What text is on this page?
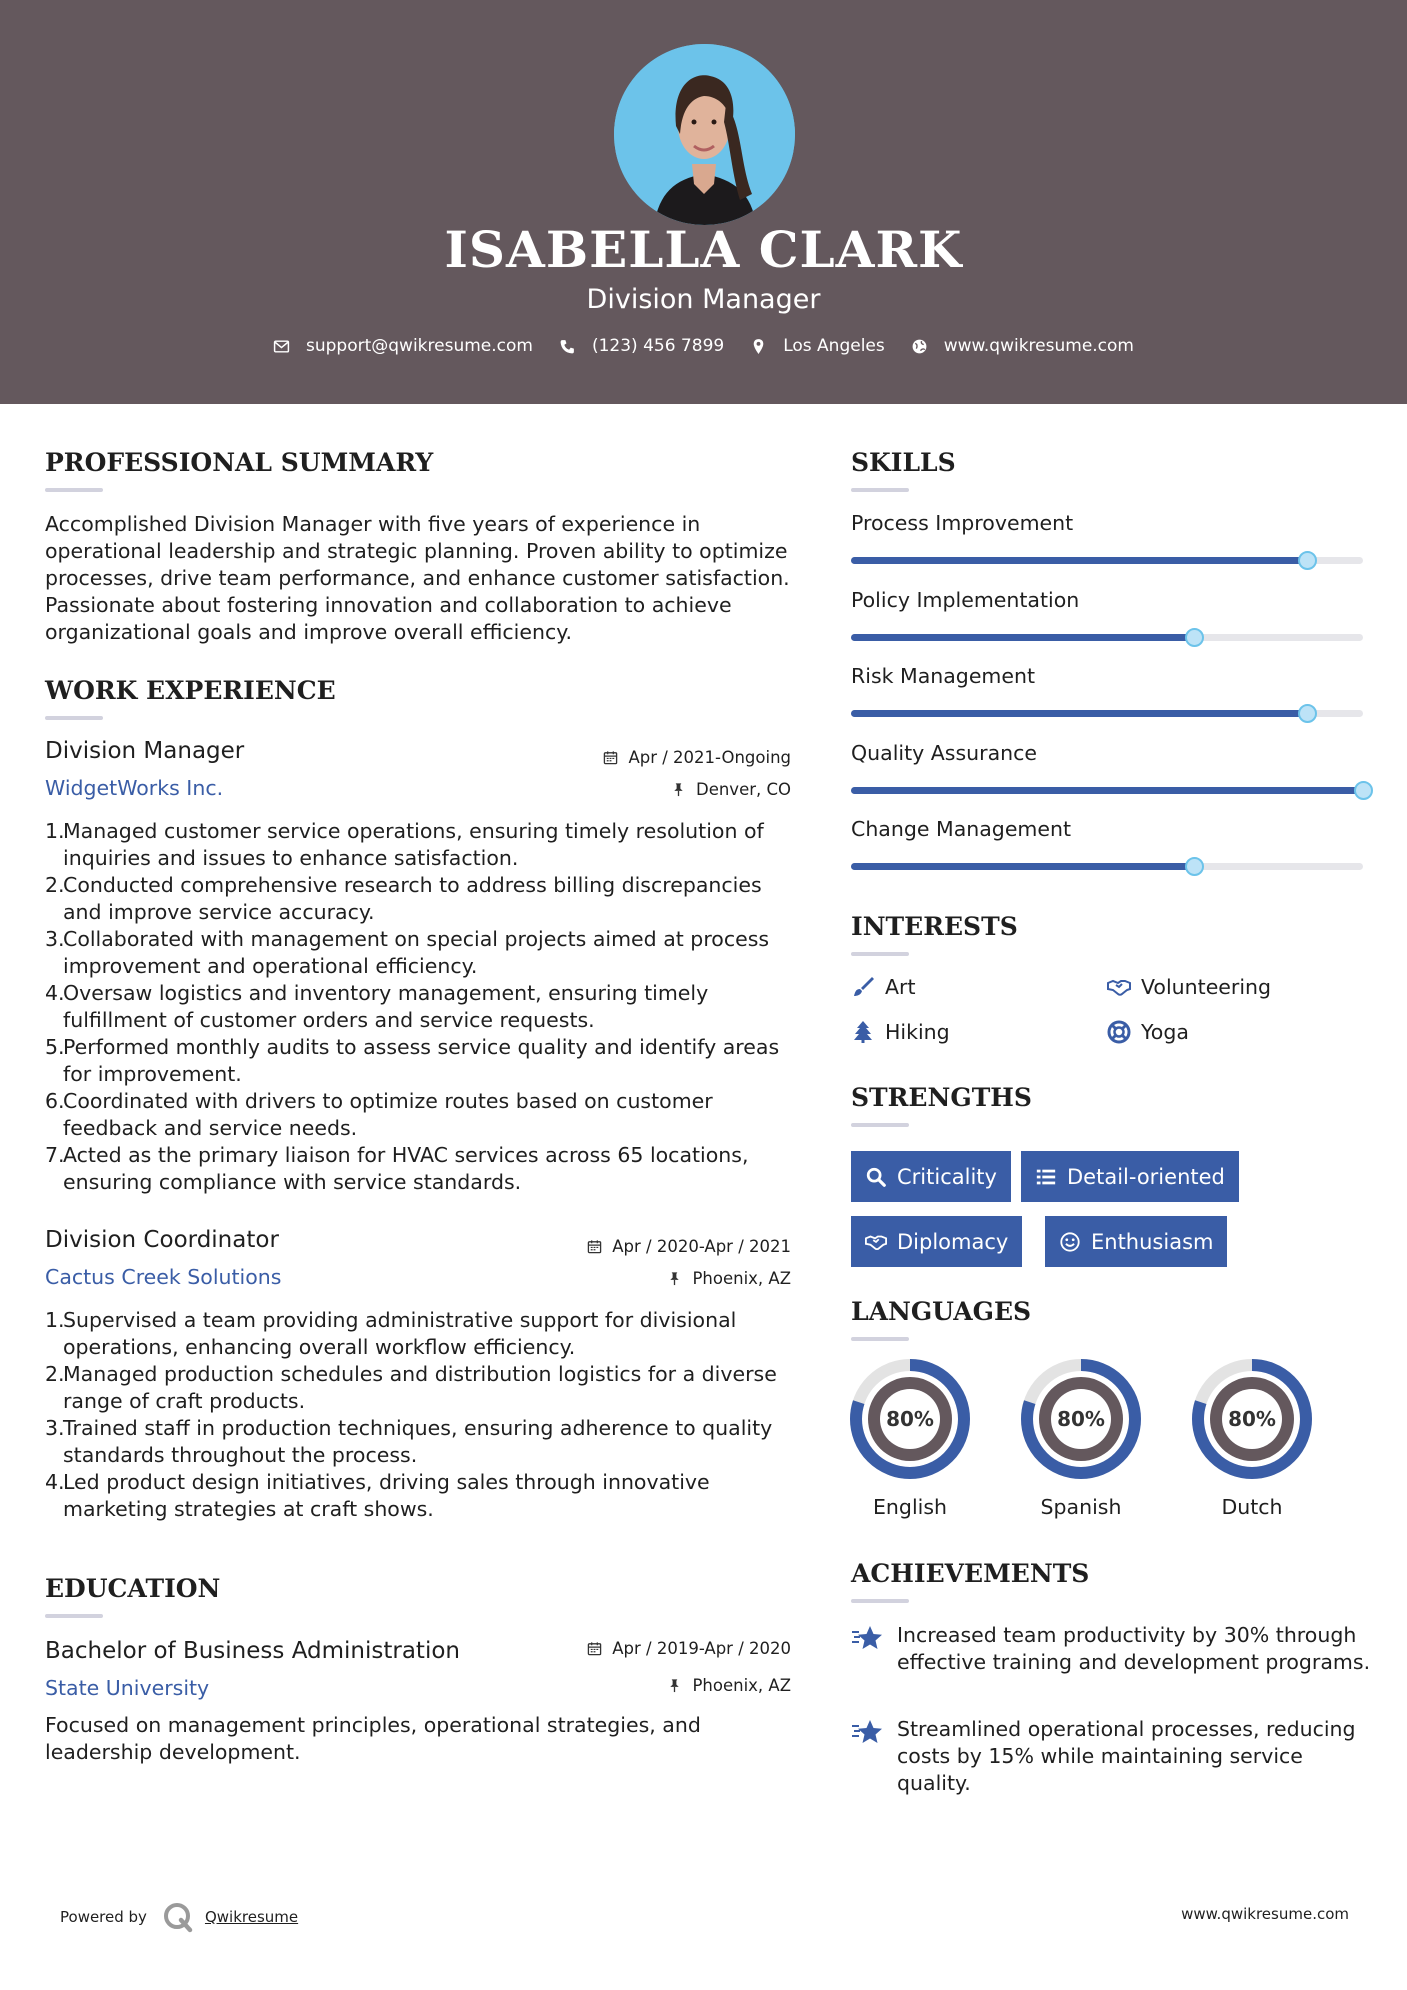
ISABELLA CLARK
Division Manager
support@qwikresume.com	(123) 456 7899	Los Angeles	www.qwikresume.com
PROFESSIONAL SUMMARY
Accomplished Division Manager with five years of experience in operational leadership and strategic planning. Proven ability to optimize processes, drive team performance, and enhance customer satisfaction. Passionate about fostering innovation and collaboration to achieve organizational goals and improve overall efficiency.
WORK EXPERIENCE
Division Manager	Apr / 2021-Ongoing
WidgetWorks Inc.	Denver, CO
1.
Managed customer service operations, ensuring timely resolution of inquiries and issues to enhance satisfaction.
2.
Conducted comprehensive research to address billing discrepancies and improve service accuracy.
3.
Collaborated with management on special projects aimed at process improvement and operational efficiency.
4.
Oversaw logistics and inventory management, ensuring timely fulfillment of customer orders and service requests.
5.
Performed monthly audits to assess service quality and identify areas for improvement.
6.
Coordinated with drivers to optimize routes based on customer feedback and service needs.
7.
Acted as the primary liaison for HVAC services across 65 locations, ensuring compliance with service standards.
Division Coordinator	Apr / 2020-Apr / 2021
Cactus Creek Solutions	Phoenix, AZ
1.
Supervised a team providing administrative support for divisional operations, enhancing overall workflow efficiency.
2.
Managed production schedules and distribution logistics for a diverse range of craft products.
3.
Trained staff in production techniques, ensuring adherence to quality standards throughout the process.
4.
Led product design initiatives, driving sales through innovative marketing strategies at craft shows.
EDUCATION
Bachelor of Business Administration	Apr / 2019-Apr / 2020
State University	Phoenix, AZ
Focused on management principles, operational strategies, and leadership development.
SKILLS
Process Improvement
Policy Implementation
Risk Management
Quality Assurance
Change Management
INTERESTS
Art	Volunteering
Hiking	Yoga
STRENGTHS
Criticality	Detail-oriented
Diplomacy	Enthusiasm
LANGUAGES
80%
English
80%
Spanish
80%
Dutch
ACHIEVEMENTS
Increased team productivity by 30% through effective training and development programs.
Streamlined operational processes, reducing costs by 15% while maintaining service quality.
Powered by	Qwikresume	www.qwikresume.com
